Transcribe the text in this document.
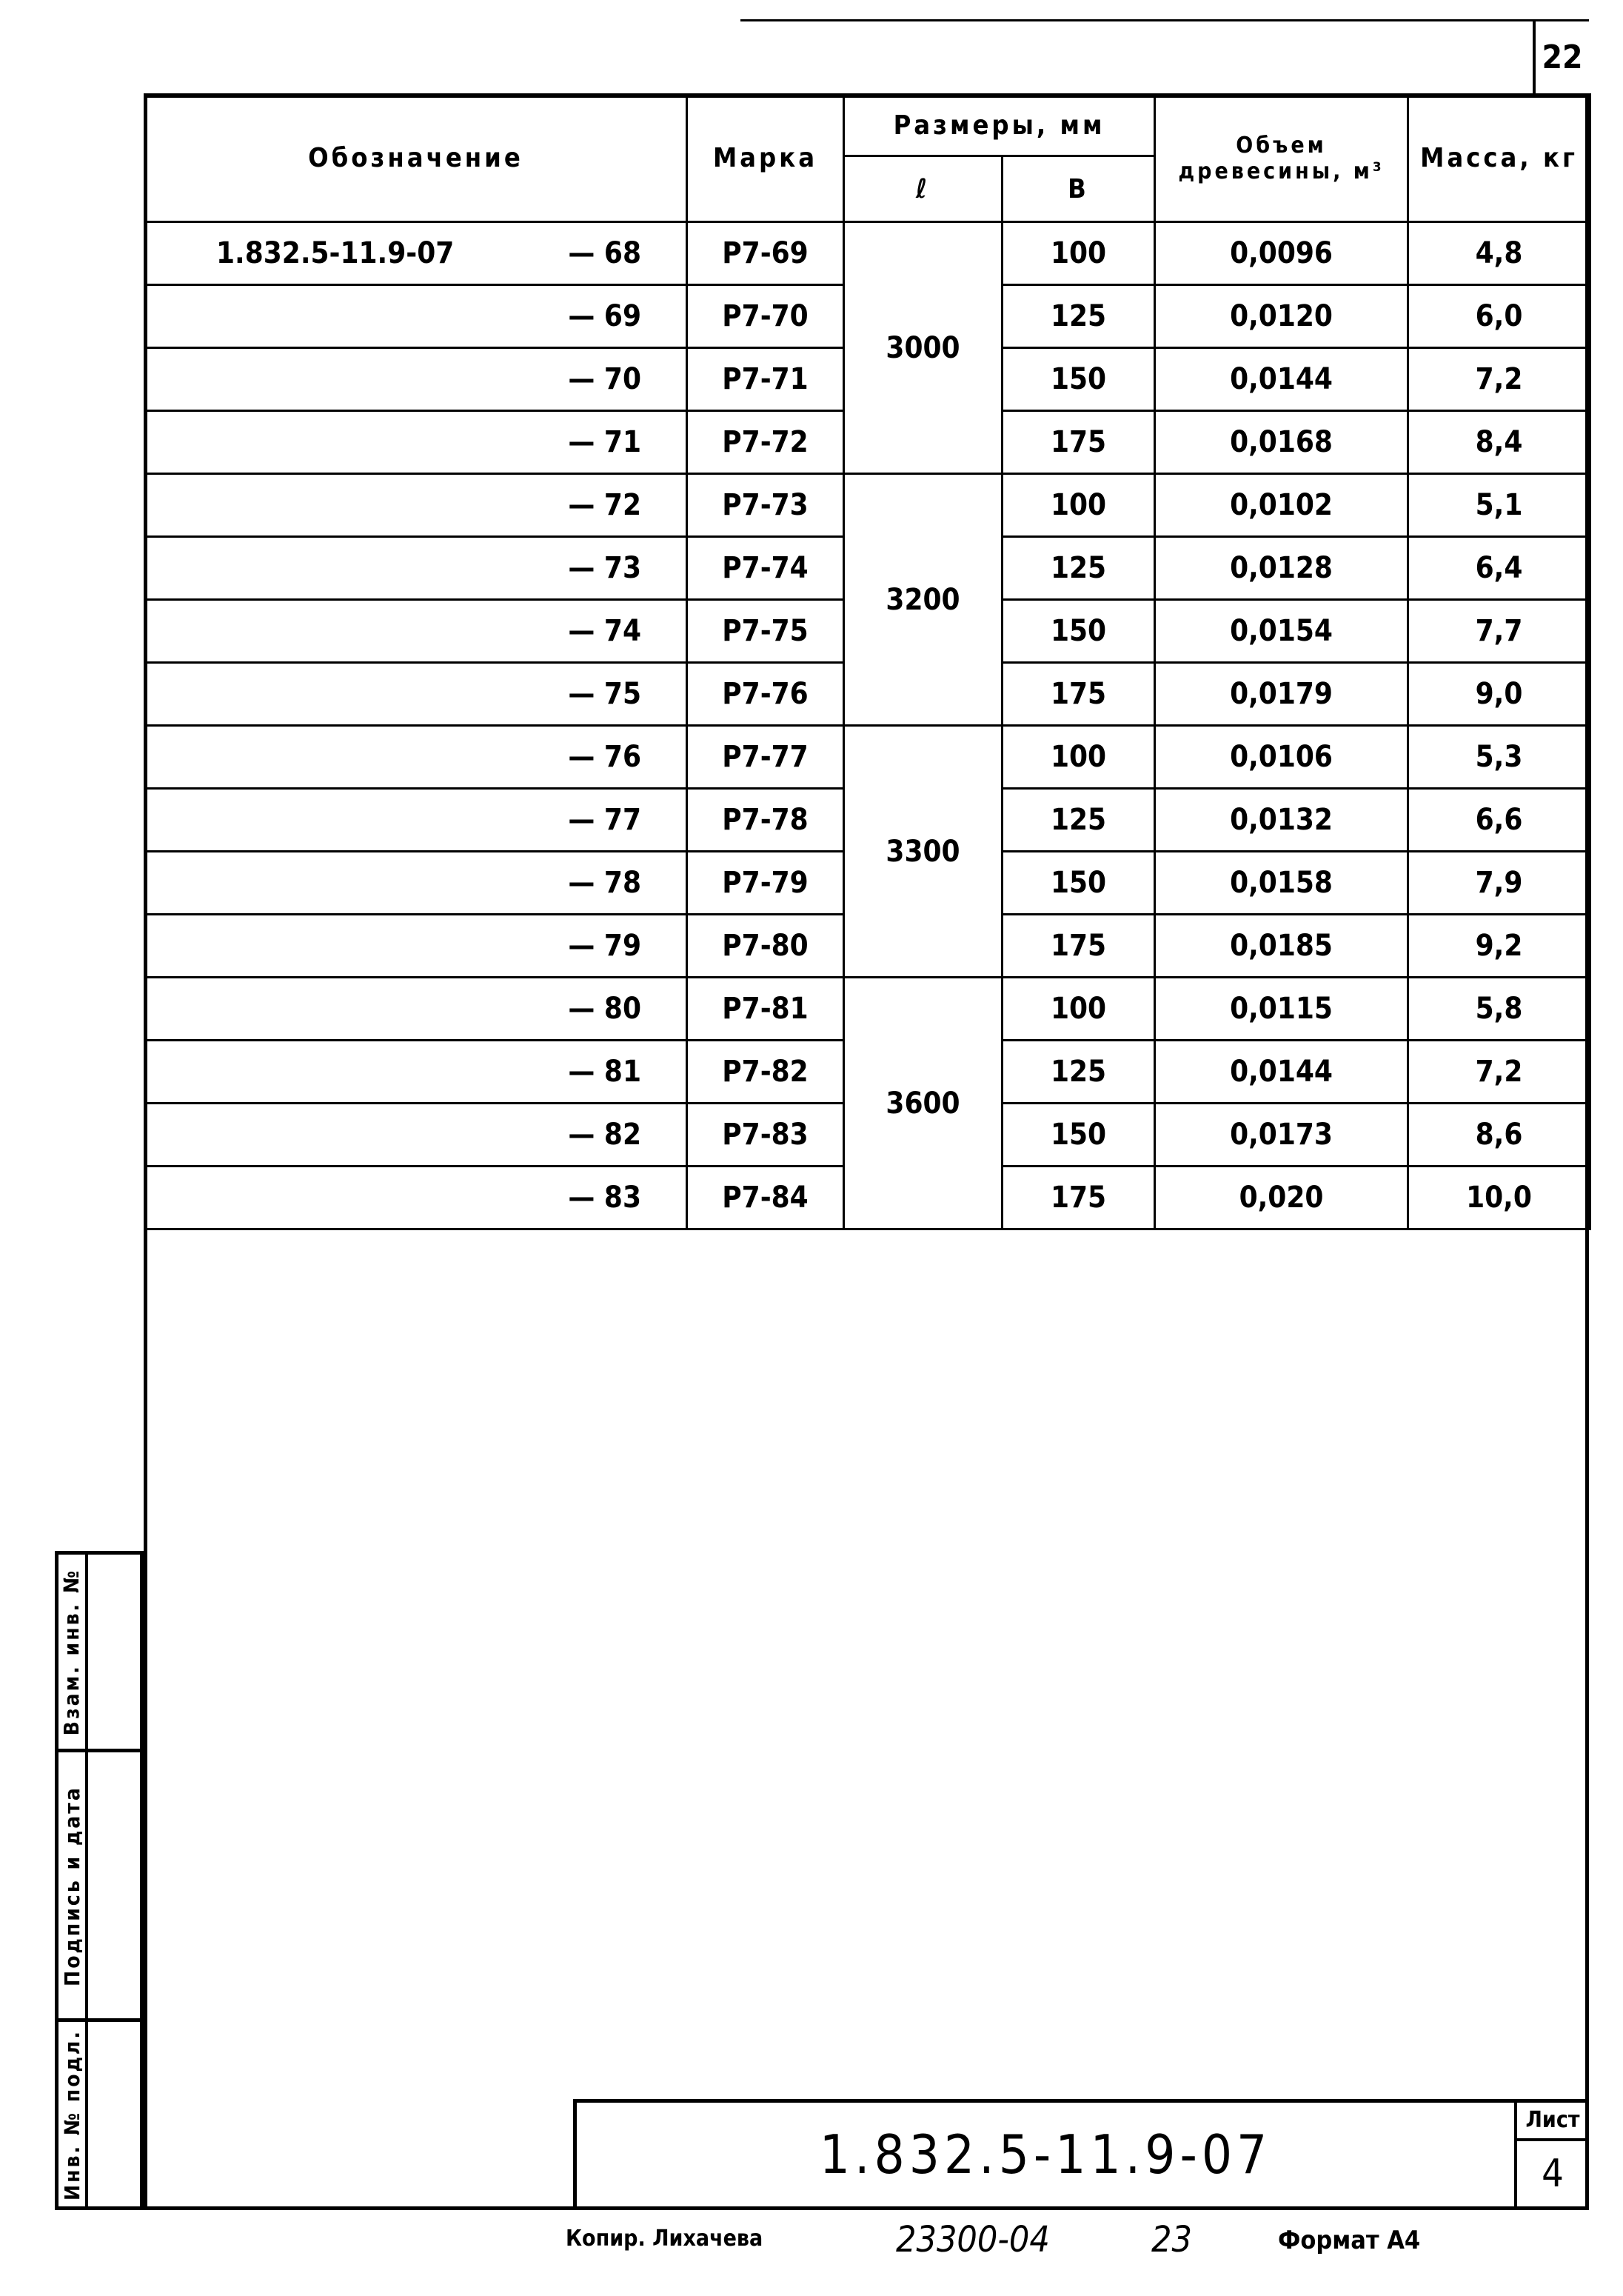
22
Обозначение	Марка	Размеры, мм		Объем древесины, м³	Масса, кг
		ℓ	В		

1.832.5-11.9-07 — 68	Р7-69	3000	100	0,0096	4,8
— 69	Р7-70		125	0,0120	6,0
— 70	Р7-71		150	0,0144	7,2
— 71	Р7-72		175	0,0168	8,4
— 72	Р7-73	3200	100	0,0102	5,1
— 73	Р7-74		125	0,0128	6,4
— 74	Р7-75		150	0,0154	7,7
— 75	Р7-76		175	0,0179	9,0
— 76	Р7-77	3300	100	0,0106	5,3
— 77	Р7-78		125	0,0132	6,6
— 78	Р7-79		150	0,0158	7,9
— 79	Р7-80		175	0,0185	9,2
— 80	Р7-81	3600	100	0,0115	5,8
— 81	Р7-82		125	0,0144	7,2
— 82	Р7-83		150	0,0173	8,6
— 83	Р7-84		175	0,020	10,0
Взам. инв. №
Подпись и дата
Инв. № подл.	1.832.5-11.9-07
Лист
4
Копир. Лихачева	23300-04	23	Формат А4
